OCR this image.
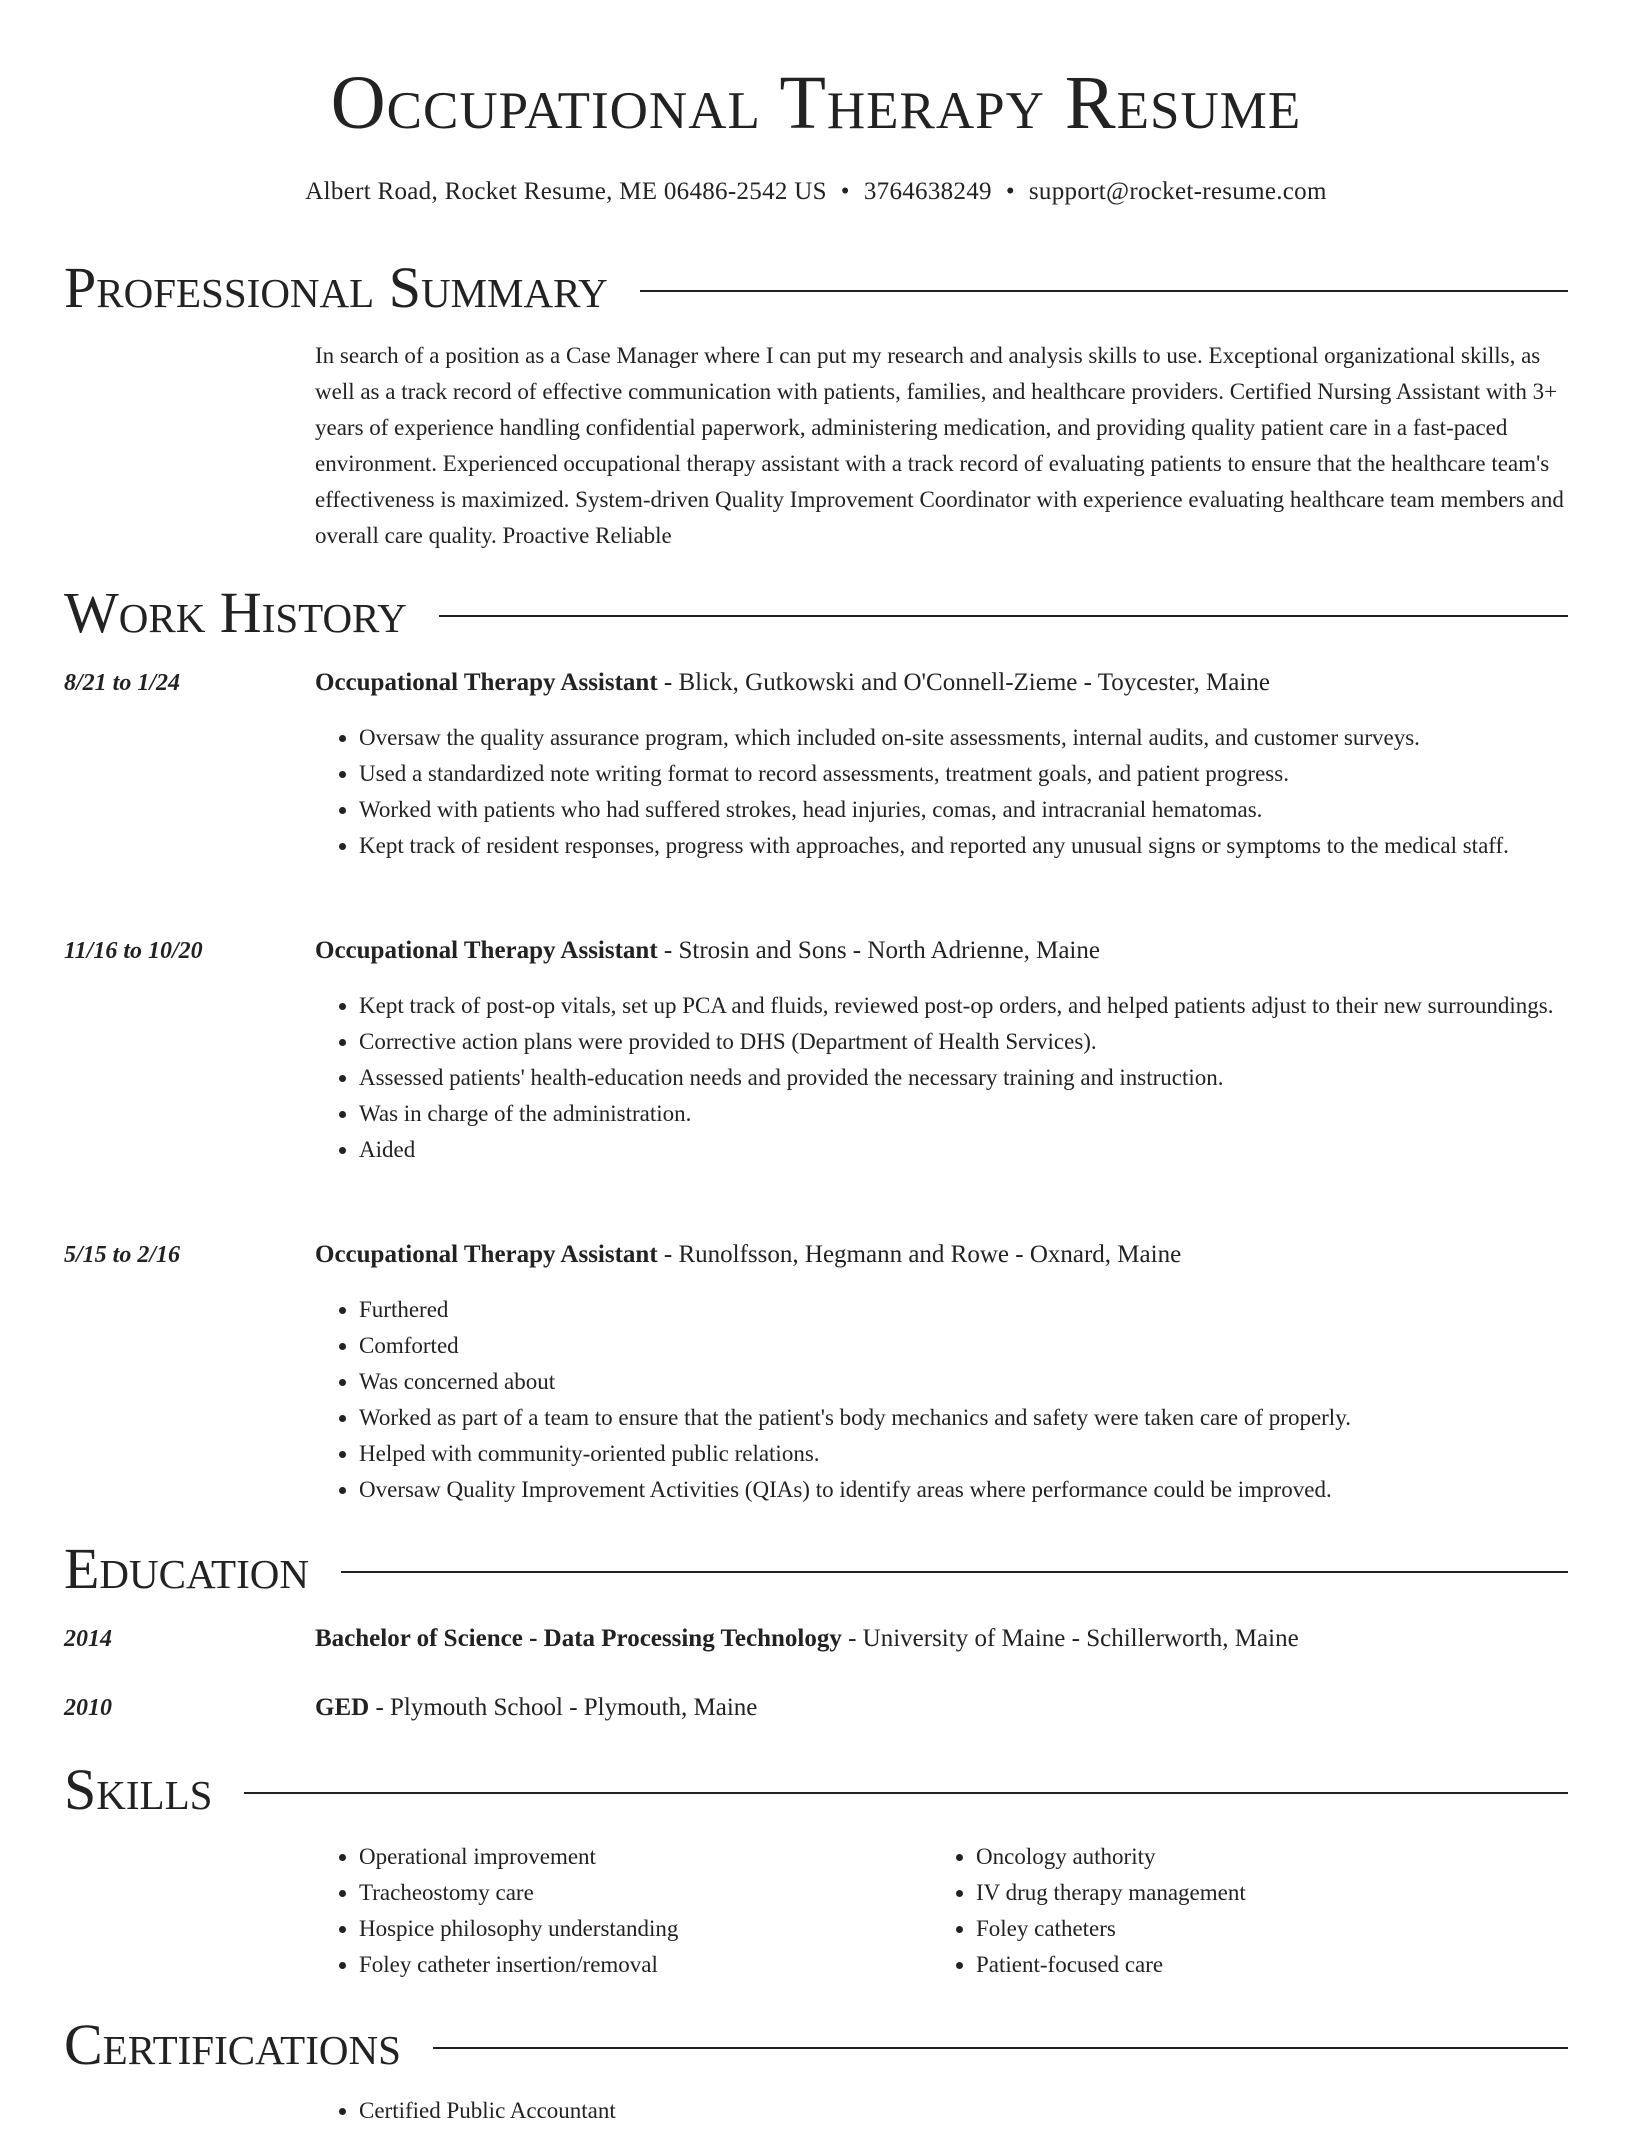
Occupational Therapy Resume
Albert Road, Rocket Resume, ME 06486-2542 US • 3764638249 • support@rocket-resume.com
Professional Summary

In search of a position as a Case Manager where I can put my research and analysis skills to use. Exceptional organizational skills, as well as a track record of effective communication with patients, families, and healthcare providers. Certified Nursing Assistant with 3+ years of experience handling confidential paperwork, administering medication, and providing quality patient care in a fast-paced environment. Experienced occupational therapy assistant with a track record of evaluating patients to ensure that the healthcare team's effectiveness is maximized. System-driven Quality Improvement Coordinator with experience evaluating healthcare team members and overall care quality. Proactive Reliable

Work History
8/21 to 1/24	Occupational Therapy Assistant - Blick, Gutkowski and O'Connell-Zieme - Toycester, Maine
• Oversaw the quality assurance program, which included on-site assessments, internal audits, and customer surveys.
• Used a standardized note writing format to record assessments, treatment goals, and patient progress.
• Worked with patients who had suffered strokes, head injuries, comas, and intracranial hematomas.
• Kept track of resident responses, progress with approaches, and reported any unusual signs or symptoms to the medical staff.
11/16 to 10/20	Occupational Therapy Assistant - Strosin and Sons - North Adrienne, Maine
• Kept track of post-op vitals, set up PCA and fluids, reviewed post-op orders, and helped patients adjust to their new surroundings.
• Corrective action plans were provided to DHS (Department of Health Services).
• Assessed patients' health-education needs and provided the necessary training and instruction.
• Was in charge of the administration.
• Aided
5/15 to 2/16	Occupational Therapy Assistant - Runolfsson, Hegmann and Rowe - Oxnard, Maine
• Furthered
• Comforted
• Was concerned about
• Worked as part of a team to ensure that the patient's body mechanics and safety were taken care of properly.
• Helped with community-oriented public relations.
• Oversaw Quality Improvement Activities (QIAs) to identify areas where performance could be improved.
Education
2014	Bachelor of Science - Data Processing Technology - University of Maine - Schillerworth, Maine
2010	GED - Plymouth School - Plymouth, Maine
Skills
• Operational improvement
• Tracheostomy care
• Hospice philosophy understanding
• Foley catheter insertion/removal
• Oncology authority
• IV drug therapy management
• Foley catheters
• Patient-focused care
Certifications
• Certified Public Accountant
